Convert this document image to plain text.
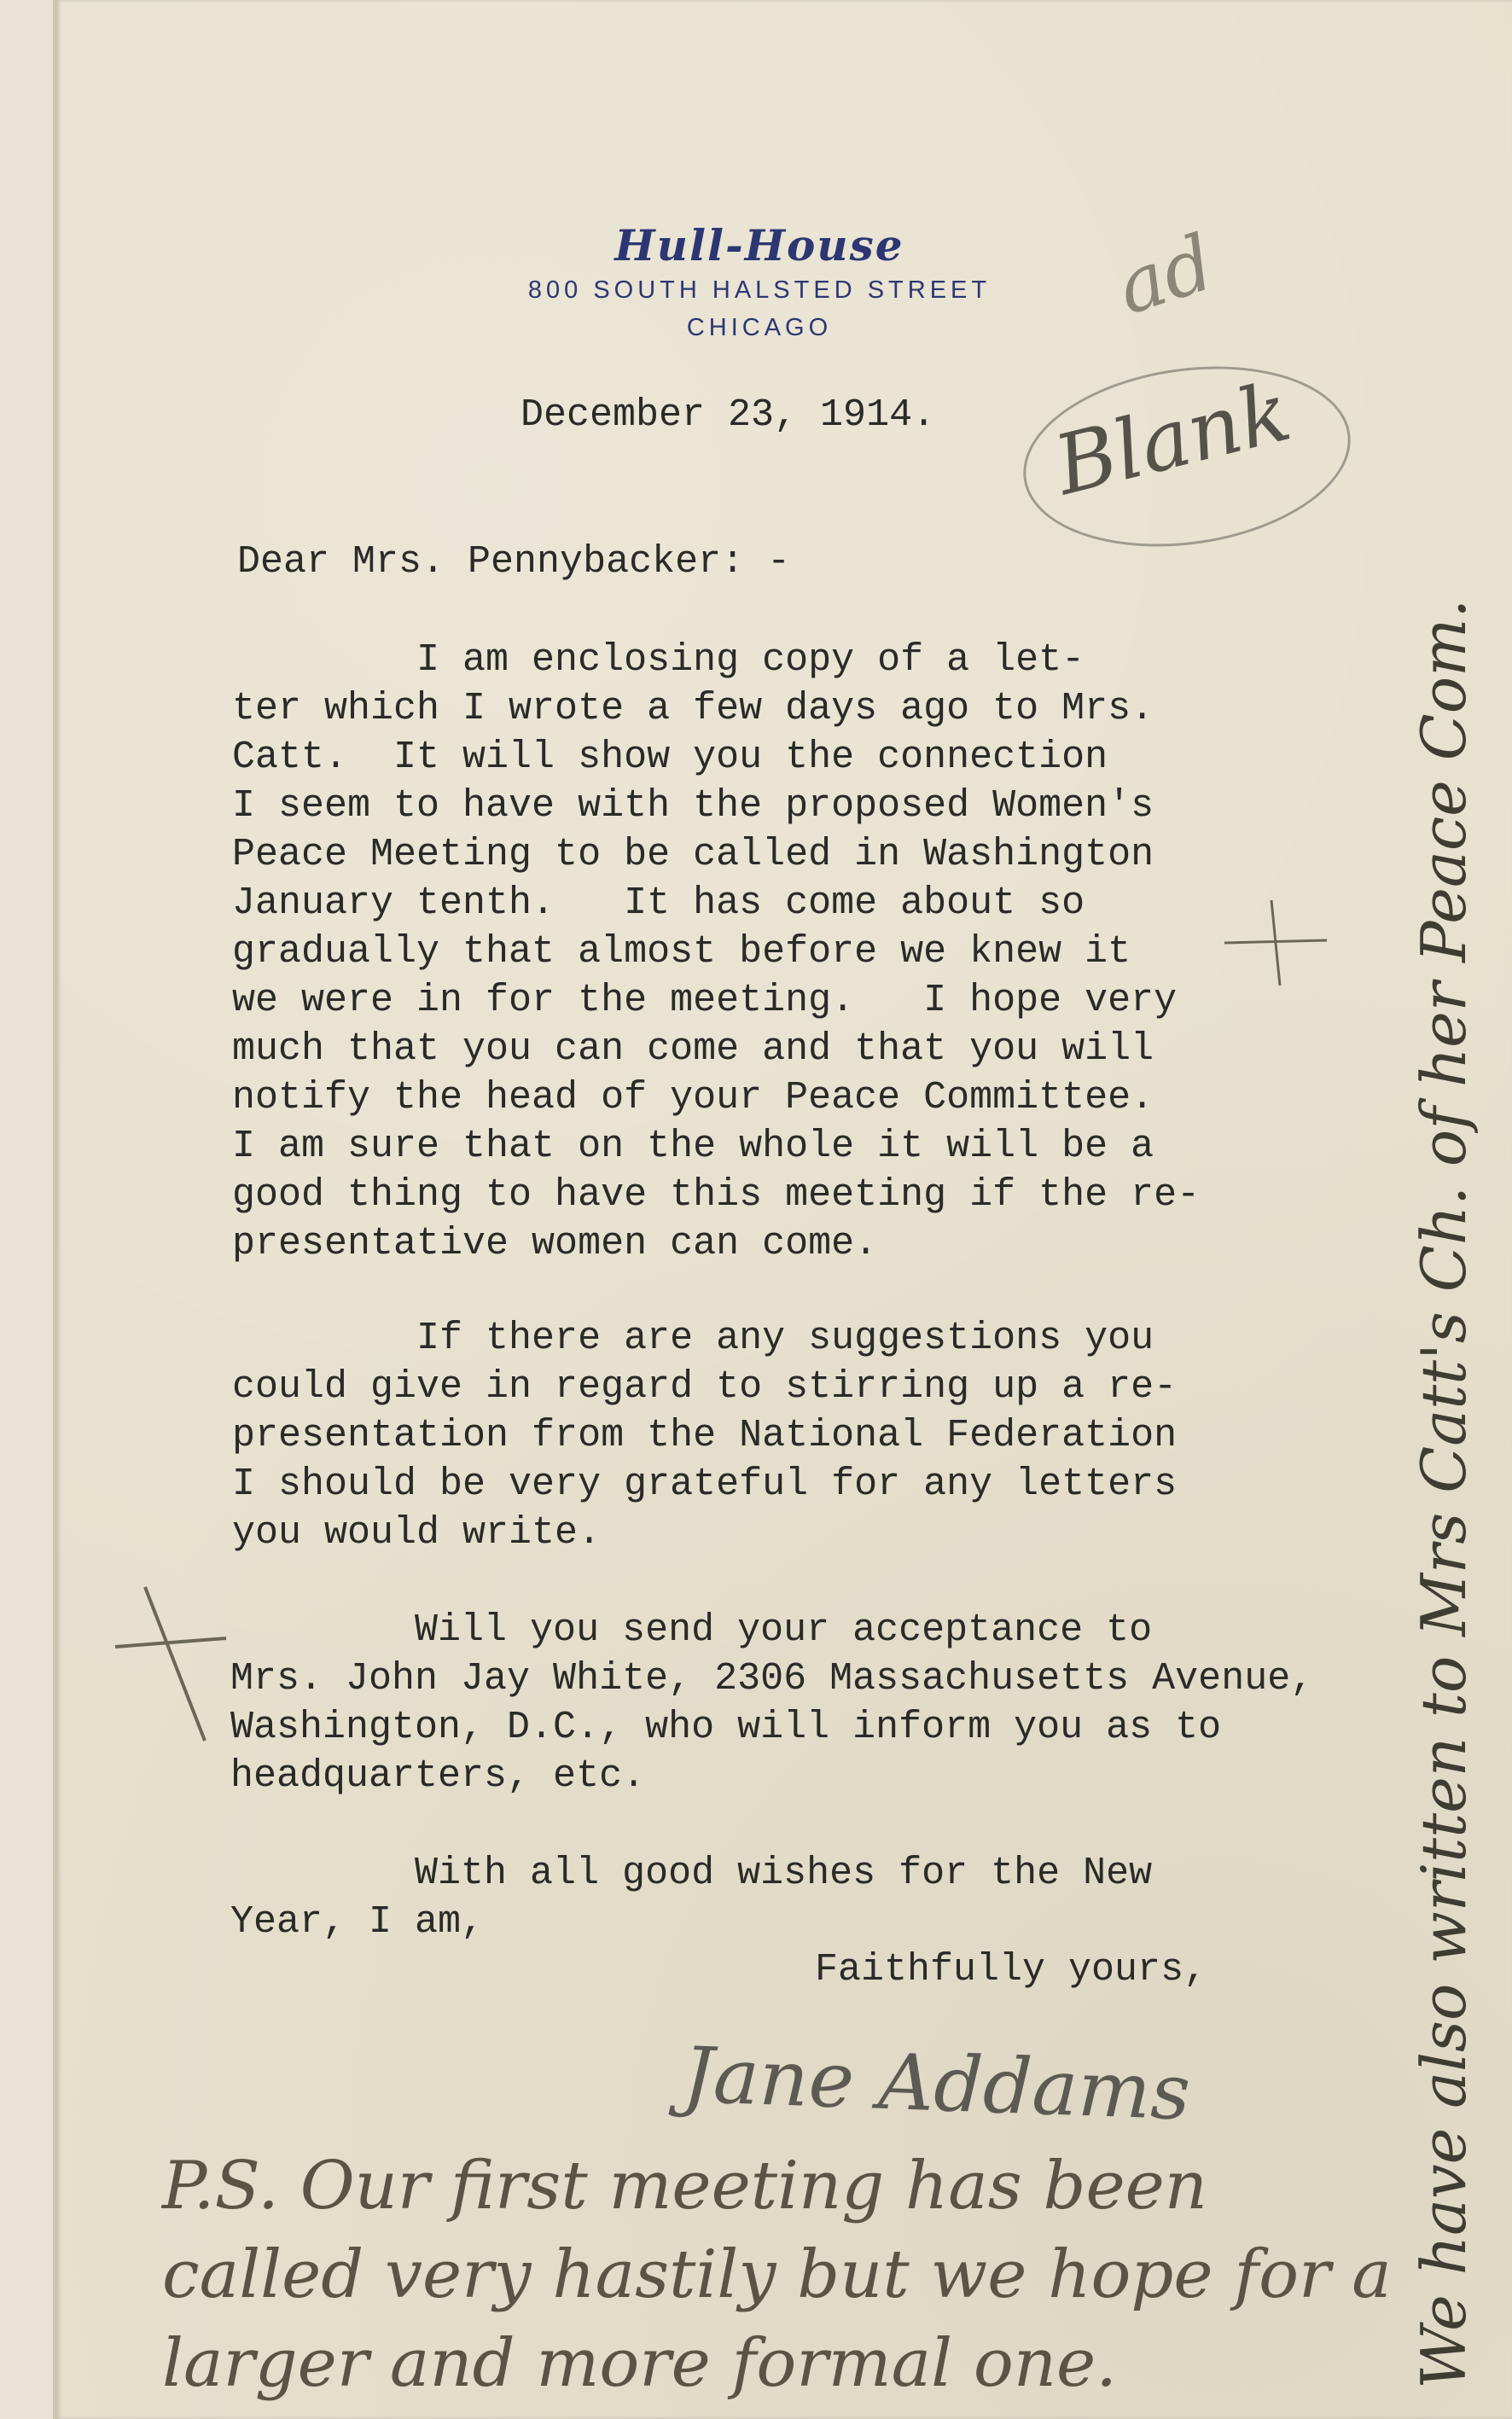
Hull-House
800 SOUTH HALSTED STREET
CHICAGO	ad
Blank
December 23, 1914.
Dear Mrs. Pennybacker: -
I am enclosing copy of a let-
ter which I wrote a few days ago to Mrs.
Catt.  It will show you the connection
I seem to have with the proposed Women's
Peace Meeting to be called in Washington
January tenth.   It has come about so
gradually that almost before we knew it
we were in for the meeting.   I hope very
much that you can come and that you will
notify the head of your Peace Committee.
I am sure that on the whole it will be a
good thing to have this meeting if the re-
presentative women can come.
If there are any suggestions you
could give in regard to stirring up a re-
presentation from the National Federation
I should be very grateful for any letters
you would write.
Will you send your acceptance to
Mrs. John Jay White, 2306 Massachusetts Avenue,
Washington, D.C., who will inform you as to
headquarters, etc.
With all good wishes for the New
Year, I am,
Faithfully yours,
Jane Addams
P.S. Our first meeting has been
called very hastily but we hope for a
larger and more formal one.	We have also written to Mrs Catt's Ch. of her Peace Com.
